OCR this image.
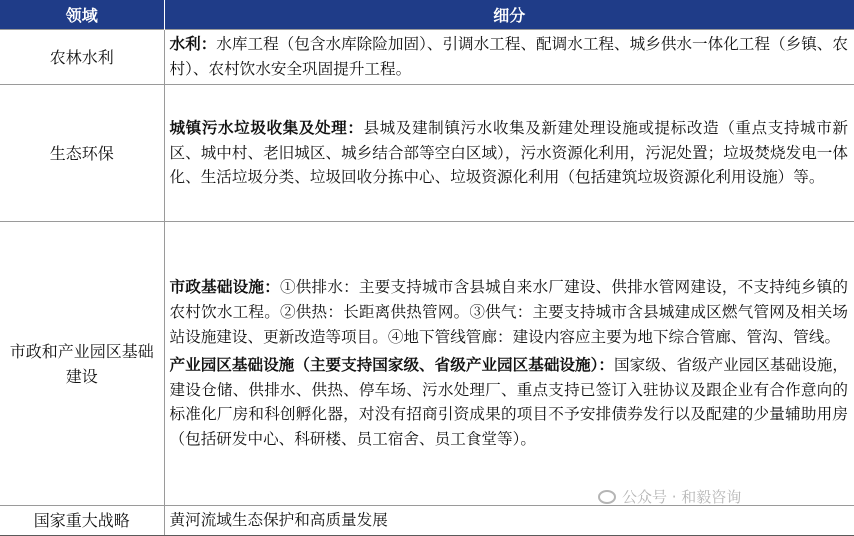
领域	细分
农林水利	水利：水库工程（包含水库除险加固）、引调水工程、配调水工程、城乡供水一体化工程（乡镇、农村）、农村饮水安全巩固提升工程。

生态环保	城镇污水垃圾收集及处理：县城及建制镇污水收集及新建处理设施或提标改造（重点支持城市新区、城中村、老旧城区、城乡结合部等空白区域），污水资源化利用，污泥处置；垃圾焚烧发电一体化、生活垃圾分类、垃圾回收分拣中心、垃圾资源化利用（包括建筑垃圾资源化利用设施）等。

市政和产业园区基础建设	市政基础设施：①供排水：主要支持城市含县城自来水厂建设、供排水管网建设，不支持纯乡镇的农村饮水工程。②供热：长距离供热管网。③供气：主要支持城市含县城建成区燃气管网及相关场站设施建设、更新改造等项目。④地下管线管廊：建设内容应主要为地下综合管廊、管沟、管线。
产业园区基础设施（主要支持国家级、省级产业园区基础设施）：国家级、省级产业园区基础设施，建设仓储、供排水、供热、停车场、污水处理厂、重点支持已签订入驻协议及跟企业有合作意向的标准化厂房和科创孵化器，对没有招商引资成果的项目不予安排债券发行以及配建的少量辅助用房（包括研发中心、科研楼、员工宿舍、员工食堂等）。

国家重大战略	黄河流域生态保护和高质量发展
公众号 · 和毅咨询
